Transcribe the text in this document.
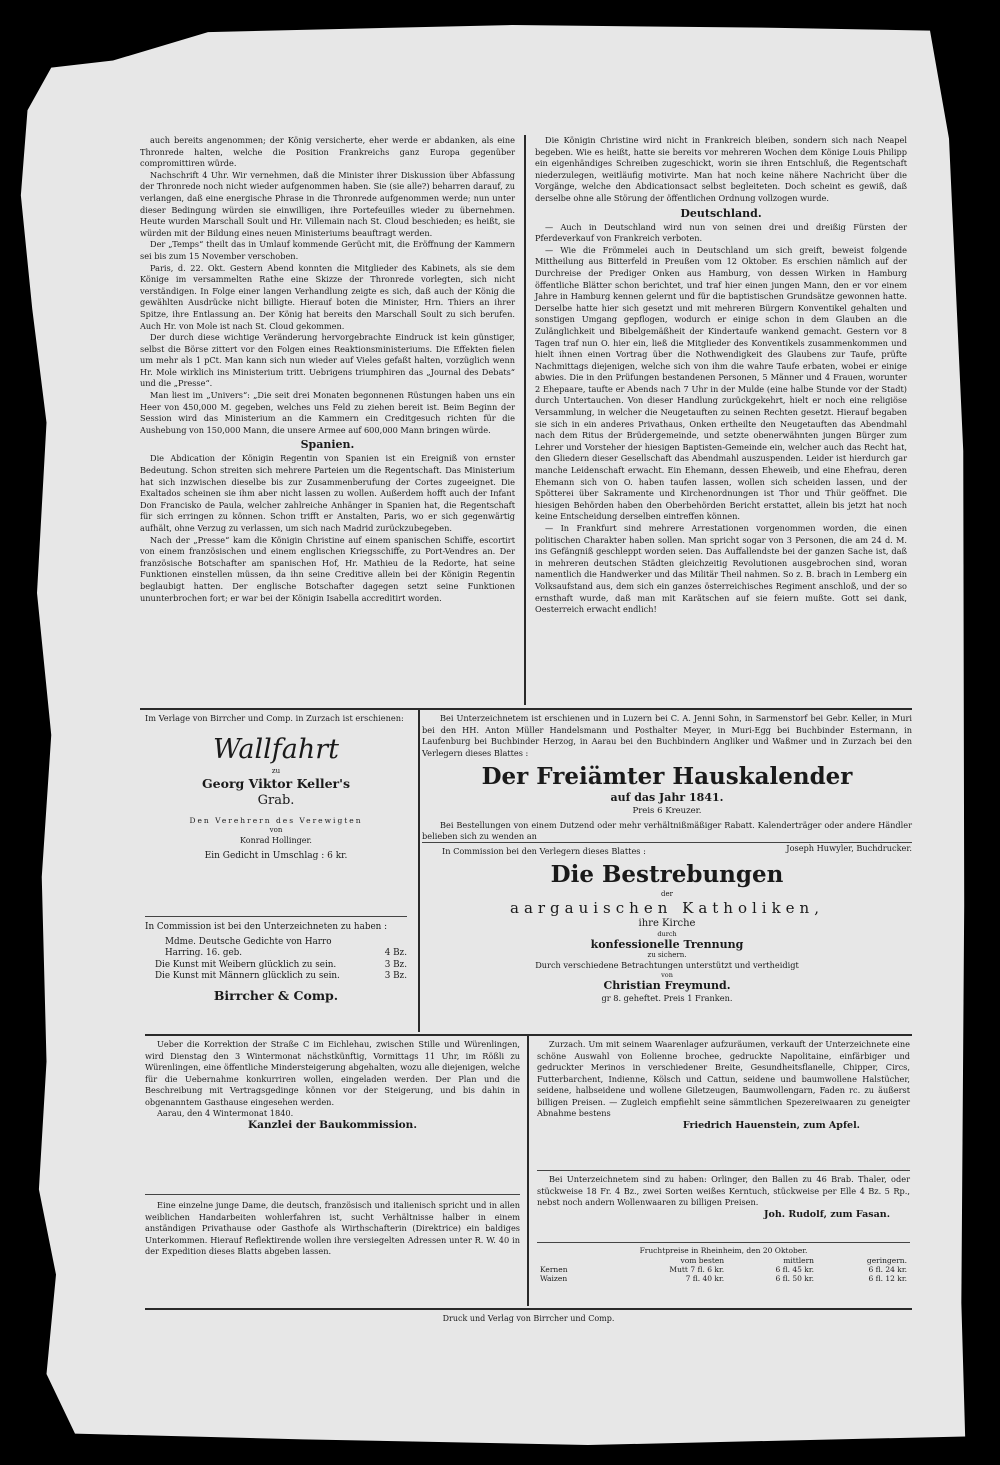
auch bereits angenommen; der König versicherte, eher werde er abdanken, als eine Thronrede halten, welche die Position Frankreichs ganz Europa gegenüber compromittiren würde.

Nachschrift 4 Uhr. Wir vernehmen, daß die Minister ihrer Diskussion über Abfassung der Thronrede noch nicht wieder aufgenommen haben. Sie (sie alle?) beharren darauf, zu verlangen, daß eine energische Phrase in die Thronrede aufgenommen werde; nun unter dieser Bedingung würden sie einwilligen, ihre Portefeuilles wieder zu übernehmen. Heute wurden Marschall Soult und Hr. Villemain nach St. Cloud beschieden; es heißt, sie würden mit der Bildung eines neuen Ministeriums beauftragt werden.

Der „Temps“ theilt das in Umlauf kommende Gerücht mit, die Eröffnung der Kammern sei bis zum 15 November verschoben.

Paris, d. 22. Okt. Gestern Abend konnten die Mitglieder des Kabinets, als sie dem Könige im versammelten Rathe eine Skizze der Thronrede vorlegten, sich nicht verständigen. In Folge einer langen Verhandlung zeigte es sich, daß auch der König die gewählten Ausdrücke nicht billigte. Hierauf boten die Minister, Hrn. Thiers an ihrer Spitze, ihre Entlassung an. Der König hat bereits den Marschall Soult zu sich berufen. Auch Hr. von Mole ist nach St. Cloud gekommen.

Der durch diese wichtige Veränderung hervorgebrachte Eindruck ist kein günstiger, selbst die Börse zittert vor den Folgen eines Reaktionsministeriums. Die Effekten fielen um mehr als 1 pCt. Man kann sich nun wieder auf Vieles gefaßt halten, vorzüglich wenn Hr. Mole wirklich ins Ministerium tritt. Uebrigens triumphiren das „Journal des Debats“ und die „Presse“.

Man liest im „Univers“: „Die seit drei Monaten begonnenen Rüstungen haben uns ein Heer von 450,000 M. gegeben, welches uns Feld zu ziehen bereit ist. Beim Beginn der Session wird das Ministerium an die Kammern ein Creditgesuch richten für die Aushebung von 150,000 Mann, die unsere Armee auf 600,000 Mann bringen würde.

Spanien.

Die Abdication der Königin Regentin von Spanien ist ein Ereigniß von ernster Bedeutung. Schon streiten sich mehrere Parteien um die Regentschaft. Das Ministerium hat sich inzwischen dieselbe bis zur Zusammenberufung der Cortes zugeeignet. Die Exaltados scheinen sie ihm aber nicht lassen zu wollen. Außerdem hofft auch der Infant Don Francisko de Paula, welcher zahlreiche Anhänger in Spanien hat, die Regentschaft für sich erringen zu können. Schon trifft er Anstalten, Paris, wo er sich gegenwärtig aufhält, ohne Verzug zu verlassen, um sich nach Madrid zurückzubegeben.

Nach der „Presse“ kam die Königin Christine auf einem spanischen Schiffe, escortirt von einem französischen und einem englischen Kriegsschiffe, zu Port-Vendres an. Der französische Botschafter am spanischen Hof, Hr. Mathieu de la Redorte, hat seine Funktionen einstellen müssen, da ihn seine Creditive allein bei der Königin Regentin beglaubigt hatten. Der englische Botschafter dagegen setzt seine Funktionen ununterbrochen fort; er war bei der Königin Isabella accreditirt worden.

Die Königin Christine wird nicht in Frankreich bleiben, sondern sich nach Neapel begeben. Wie es heißt, hatte sie bereits vor mehreren Wochen dem Könige Louis Philipp ein eigenhändiges Schreiben zugeschickt, worin sie ihren Entschluß, die Regentschaft niederzulegen, weitläufig motivirte. Man hat noch keine nähere Nachricht über die Vorgänge, welche den Abdicationsact selbst begleiteten. Doch scheint es gewiß, daß derselbe ohne alle Störung der öffentlichen Ordnung vollzogen wurde.

Deutschland.

— Auch in Deutschland wird nun von seinen drei und dreißig Fürsten der Pferdeverkauf von Frankreich verboten.

— Wie die Frömmelei auch in Deutschland um sich greift, beweist folgende Mittheilung aus Bitterfeld in Preußen vom 12 Oktober. Es erschien nämlich auf der Durchreise der Prediger Onken aus Hamburg, von dessen Wirken in Hamburg öffentliche Blätter schon berichtet, und traf hier einen jungen Mann, den er vor einem Jahre in Hamburg kennen gelernt und für die baptistischen Grundsätze gewonnen hatte. Derselbe hatte hier sich gesetzt und mit mehreren Bürgern Konventikel gehalten und sonstigen Umgang gepflogen, wodurch er einige schon in dem Glauben an die Zulänglichkeit und Bibelgemäßheit der Kindertaufe wankend gemacht. Gestern vor 8 Tagen traf nun O. hier ein, ließ die Mitglieder des Konventikels zusammenkommen und hielt ihnen einen Vortrag über die Nothwendigkeit des Glaubens zur Taufe, prüfte Nachmittags diejenigen, welche sich von ihm die wahre Taufe erbaten, wobei er einige abwies. Die in den Prüfungen bestandenen Personen, 5 Männer und 4 Frauen, worunter 2 Ehepaare, taufte er Abends nach 7 Uhr in der Mulde (eine halbe Stunde vor der Stadt) durch Untertauchen. Von dieser Handlung zurückgekehrt, hielt er noch eine religiöse Versammlung, in welcher die Neugetauften zu seinen Rechten gesetzt. Hierauf begaben sie sich in ein anderes Privathaus, Onken ertheilte den Neugetauften das Abendmahl nach dem Ritus der Brüdergemeinde, und setzte obenerwähnten jungen Bürger zum Lehrer und Vorsteher der hiesigen Baptisten-Gemeinde ein, welcher auch das Recht hat, den Gliedern dieser Gesellschaft das Abendmahl auszuspenden. Leider ist hierdurch gar manche Leidenschaft erwacht. Ein Ehemann, dessen Eheweib, und eine Ehefrau, deren Ehemann sich von O. haben taufen lassen, wollen sich scheiden lassen, und der Spötterei über Sakramente und Kirchenordnungen ist Thor und Thür geöffnet. Die hiesigen Behörden haben den Oberbehörden Bericht erstattet, allein bis jetzt hat noch keine Entscheidung derselben eintreffen können.

— In Frankfurt sind mehrere Arrestationen vorgenommen worden, die einen politischen Charakter haben sollen. Man spricht sogar von 3 Personen, die am 24 d. M. ins Gefängniß geschleppt worden seien. Das Auffallendste bei der ganzen Sache ist, daß in mehreren deutschen Städten gleichzeitig Revolutionen ausgebrochen sind, woran namentlich die Handwerker und das Militär Theil nahmen. So z. B. brach in Lemberg ein Volksaufstand aus, dem sich ein ganzes österreichisches Regiment anschloß, und der so ernsthaft wurde, daß man mit Karätschen auf sie feiern mußte. Gott sei dank, Oesterreich erwacht endlich!

Im Verlage von Birrcher und Comp. in Zurzach ist erschienen:
Wallfahrt
zu
Georg Viktor Keller's
Grab.
Den Verehrern des Verewigten
von
Konrad Hollinger.
Ein Gedicht in Umschlag : 6 kr.
In Commission ist bei den Unterzeichneten zu haben :
Mdme. Deutsche Gedichte von Harro Harring. 16. geb.	4 Bz.
Die Kunst mit Weibern glücklich zu sein.	3 Bz.
Die Kunst mit Männern glücklich zu sein.	3 Bz.
Birrcher & Comp.
Bei Unterzeichnetem ist erschienen und in Luzern bei C. A. Jenni Sohn, in Sarmenstorf bei Gebr. Keller, in Muri bei den HH. Anton Müller Handelsmann und Posthalter Meyer, in Muri-Egg bei Buchbinder Estermann, in Laufenburg bei Buchbinder Herzog, in Aarau bei den Buchbindern Angliker und Waßmer und in Zurzach bei den Verlegern dieses Blattes :
Der Freiämter Hauskalender
auf das Jahr 1841.
Preis 6 Kreuzer.
Bei Bestellungen von einem Dutzend oder mehr verhältnißmäßiger Rabatt. Kalenderträger oder andere Händler belieben sich zu wenden an
Joseph Huwyler, Buchdrucker.
In Commission bei den Verlegern dieses Blattes :
Die Bestrebungen
der
aargauischen Katholiken,
ihre Kirche
durch
konfessionelle Trennung
zu sichern.
Durch verschiedene Betrachtungen unterstützt und vertheidigt
von
Christian Freymund.
gr 8. geheftet. Preis 1 Franken.
Ueber die Korrektion der Straße C im Eichlehau, zwischen Stille und Würenlingen, wird Dienstag den 3 Wintermonat nächstkünftig, Vormittags 11 Uhr, im Rößli zu Würenlingen, eine öffentliche Mindersteigerung abgehalten, wozu alle diejenigen, welche für die Uebernahme konkurriren wollen, eingeladen werden. Der Plan und die Beschreibung mit Vertragsgedinge können vor der Steigerung, und bis dahin in obgenanntem Gasthause eingesehen werden.
Aarau, den 4 Wintermonat 1840.
Kanzlei der Baukommission.
Eine einzelne junge Dame, die deutsch, französisch und italienisch spricht und in allen weiblichen Handarbeiten wohlerfahren ist, sucht Verhältnisse halber in einem anständigen Privathause oder Gasthofe als Wirthschafterin (Direktrice) ein baldiges Unterkommen. Hierauf Reflektirende wollen ihre versiegelten Adressen unter R. W. 40 in der Expedition dieses Blatts abgeben lassen.
Zurzach. Um mit seinem Waarenlager aufzuräumen, verkauft der Unterzeichnete eine schöne Auswahl von Eolienne brochee, gedruckte Napolitaine, einfärbiger und gedruckter Merinos in verschiedener Breite, Gesundheitsflanelle, Chipper, Circs, Futterbarchent, Indienne, Kölsch und Cattun, seidene und baumwollene Halstücher, seidene, halbseidene und wollene Giletzeugen, Baumwollengarn, Faden rc. zu äußerst billigen Preisen. — Zugleich empfiehlt seine sämmtlichen Spezereiwaaren zu geneigter Abnahme bestens
Friedrich Hauenstein, zum Apfel.
Bei Unterzeichnetem sind zu haben: Orlinger, den Ballen zu 46 Brab. Thaler, oder stückweise 18 Fr. 4 Bz., zwei Sorten weißes Kerntuch, stückweise per Elle 4 Bz. 5 Rp., nebst noch andern Wollenwaaren zu billigen Preisen.
Joh. Rudolf, zum Fasan.
Fruchtpreise in Rheinheim, den 20 Oktober.
	vom besten	mittlern	geringern.
Kernen	Mutt 7 fl. 6 kr.	6 fl. 45 kr.	6 fl. 24 kr.
Waizen	7 fl. 40 kr.	6 fl. 50 kr.	6 fl. 12 kr.
Druck und Verlag von Birrcher und Comp.
